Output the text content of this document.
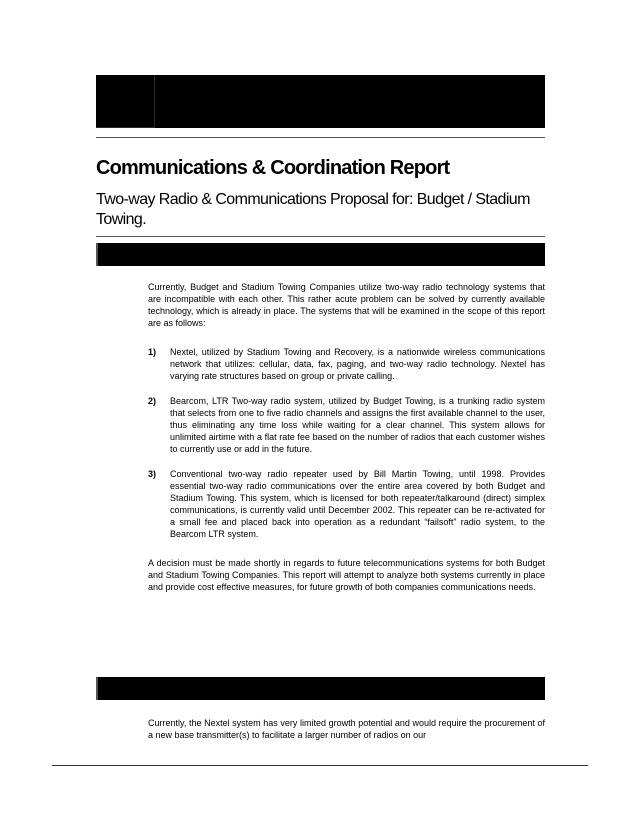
Communications & Coordination Report
Two-way Radio & Communications Proposal for: Budget / Stadium Towing.

Currently, Budget and Stadium Towing Companies utilize two-way radio technology systems that are incompatible with each other. This rather acute problem can be solved by currently available technology, which is already in place. The systems that will be examined in the scope of this report are as follows:

1)	Nextel, utilized by Stadium Towing and Recovery, is a nationwide wireless communications network that utilizes: cellular, data, fax, paging, and two-way radio technology. Nextel has varying rate structures based on group or private calling.
2)	Bearcom, LTR Two-way radio system, utilized by Budget Towing, is a trunking radio system that selects from one to five radio channels and assigns the first available channel to the user, thus eliminating any time loss while waiting for a clear channel. This system allows for unlimited airtime with a flat rate fee based on the number of radios that each customer wishes to currently use or add in the future.
3)	Conventional two-way radio repeater used by Bill Martin Towing, until 1998. Provides essential two-way radio communications over the entire area covered by both Budget and Stadium Towing. This system, which is licensed for both repeater/talkaround (direct) simplex communications, is currently valid until December 2002. This repeater can be re-activated for a small fee and placed back into operation as a redundant “failsoft” radio system, to the Bearcom LTR system.

A decision must be made shortly in regards to future telecommunications systems for both Budget and Stadium Towing Companies. This report will attempt to analyze both systems currently in place and provide cost effective measures, for future growth of both companies communications needs.

Currently, the Nextel system has very limited growth potential and would require the procurement of a new base transmitter(s) to facilitate a larger number of radios on our
